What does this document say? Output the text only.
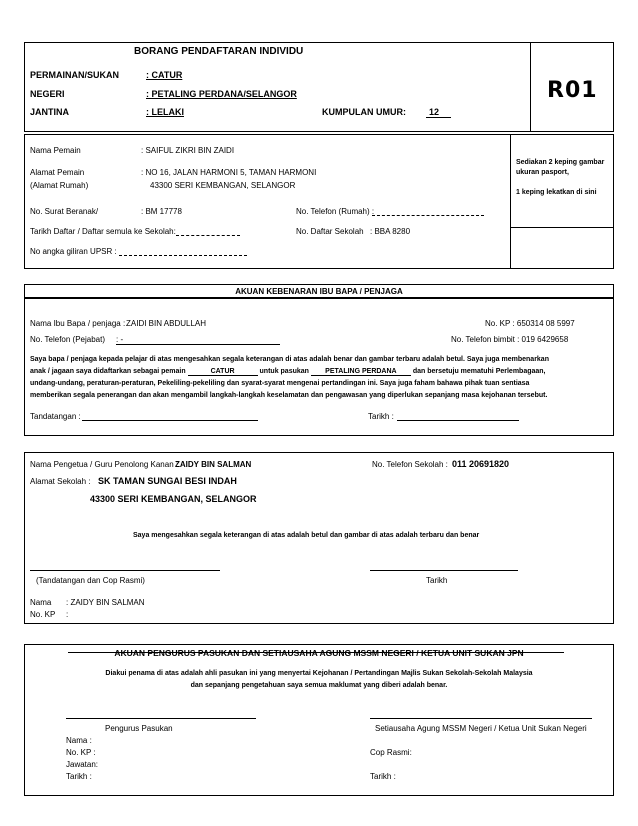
BORANG PENDAFTARAN INDIVIDU
R01
PERMAINAN/SUKAN	: CATUR
NEGERI	: PETALING PERDANA/SELANGOR
JANTINA	: LELAKI	KUMPULAN UMUR:	12
Sediakan 2 keping gambar
ukuran pasport,
1 keping lekatkan di sini
Nama Pemain	: SAIFUL ZIKRI BIN ZAIDI
Alamat Pemain
(Alamat Rumah)
: NO 16, JALAN HARMONI 5, TAMAN HARMONI
43300 SERI KEMBANGAN, SELANGOR
No. Surat Beranak/	: BM 17778	No. Telefon (Rumah) :
Tarikh Daftar / Daftar semula ke Sekolah:	No. Daftar Sekolah : BBA 8280
No angka giliran UPSR :
AKUAN KEBENARAN IBU BAPA / PENJAGA
Nama Ibu Bapa / penjaga : ZAIDI BIN ABDULLAH	No. KP : 650314 08 5997
No. Telefon (Pejabat) : -	No. Telefon bimbit : 019 6429658
Saya bapa / penjaga kepada pelajar di atas mengesahkan segala keterangan di atas adalah benar dan gambar terbaru adalah betul. Saya juga membenarkan
anak / jagaan saya didaftarkan sebagai pemain	CATUR	untuk pasukan PETALING PERDANA dan bersetuju mematuhi Perlembagaan,
undang-undang, peraturan-peraturan, Pekeliling-pekeliling dan syarat-syarat mengenai pertandingan ini. Saya juga faham bahawa pihak tuan sentiasa
memberikan segala penerangan dan akan mengambil langkah-langkah keselamatan dan pengawasan yang diperlukan sepanjang masa kejohanan tersebut.
Tandatangan :	Tarikh :
Nama Pengetua / Guru Penolong Kanan :
ZAIDY BIN SALMAN	No. Telefon Sekolah : 011 20691820
Alamat Sekolah : SK TAMAN SUNGAI BESI INDAH
43300 SERI KEMBANGAN, SELANGOR
Saya mengesahkan segala keterangan di atas adalah betul dan gambar di atas adalah terbaru dan benar
(Tandatangan dan Cop Rasmi)	Tarikh
Nama : ZAIDY BIN SALMAN
No. KP :
AKUAN PENGURUS PASUKAN DAN SETIAUSAHA AGUNG MSSM NEGERI / KETUA UNIT SUKAN JPN
Diakui penama di atas adalah ahli pasukan ini yang menyertai Kejohanan / Pertandingan Majlis Sukan Sekolah-Sekolah Malaysia
dan sepanjang pengetahuan saya semua maklumat yang diberi adalah benar.
Pengurus Pasukan	Setiausaha Agung MSSM Negeri / Ketua Unit Sukan Negeri
Nama :
No. KP :
Jawatan:
Tarikh :
Cop Rasmi:
Tarikh :
